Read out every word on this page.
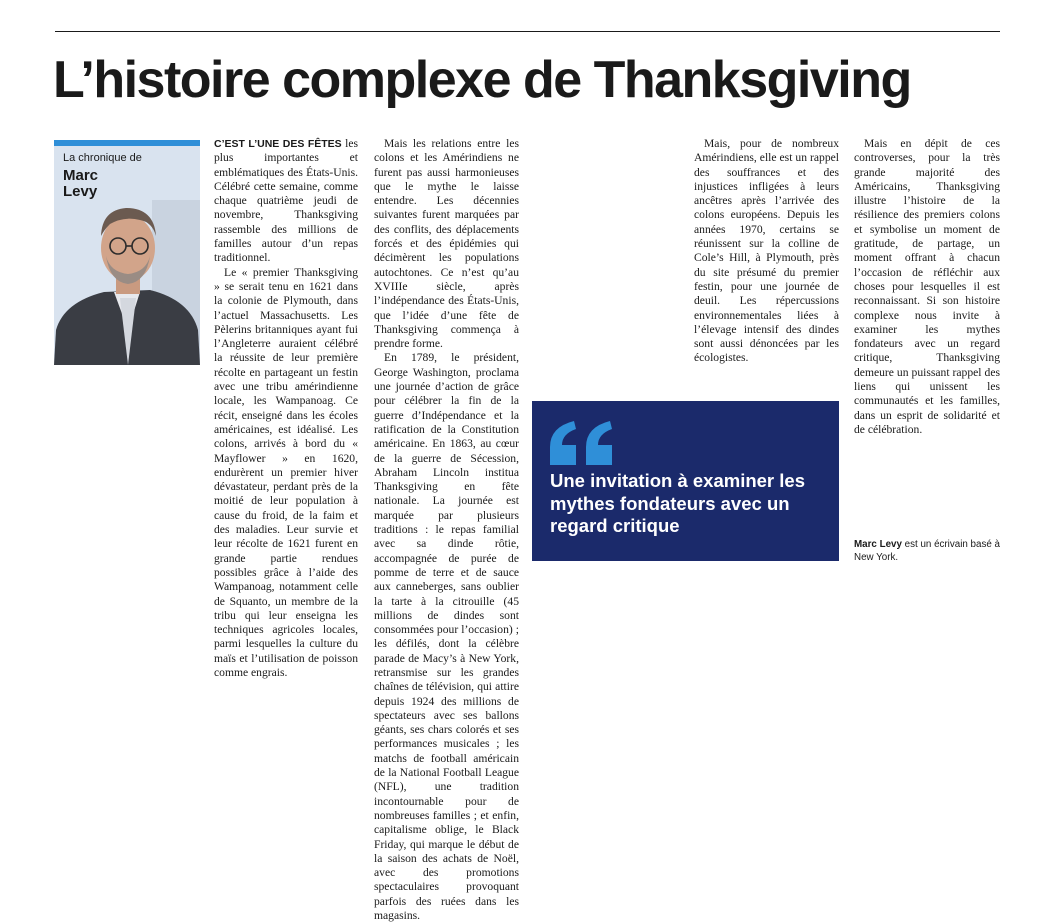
L’histoire complexe de Thanksgiving
La chronique de
Marc Levy

C’EST L’UNE DES FÊTES les plus importantes et emblématiques des États-Unis. Célébré cette semaine, comme chaque quatrième jeudi de novembre, Thanksgiving rassemble des millions de familles autour d’un repas traditionnel.

Le « premier Thanksgiving » se serait tenu en 1621 dans la colonie de Plymouth, dans l’actuel Massachusetts. Les Pèlerins britanniques ayant fui l’Angleterre auraient célébré la réussite de leur première récolte en partageant un festin avec une tribu amérindienne locale, les Wampanoag. Ce récit, enseigné dans les écoles américaines, est idéalisé. Les colons, arrivés à bord du « Mayflower » en 1620, endurèrent un premier hiver dévastateur, perdant près de la moitié de leur population à cause du froid, de la faim et des maladies. Leur survie et leur récolte de 1621 furent en grande partie rendues possibles grâce à l’aide des Wampanoag, notamment celle de Squanto, un membre de la tribu qui leur enseigna les techniques agricoles locales, parmi lesquelles la culture du maïs et l’utilisation de poisson comme engrais.

Mais les relations entre les colons et les Amérindiens ne furent pas aussi harmonieuses que le mythe le laisse entendre. Les décennies suivantes furent marquées par des conflits, des déplacements forcés et des épidémies qui décimèrent les populations autochtones. Ce n’est qu’au XVIIIe siècle, après l’indépendance des États-Unis, que l’idée d’une fête de Thanksgiving commença à prendre forme.

En 1789, le président, George Washington, proclama une journée d’action de grâce pour célébrer la fin de la guerre d’Indépendance et la ratification de la Constitution américaine. En 1863, au cœur de la guerre de Sécession, Abraham Lincoln institua Thanksgiving en fête nationale. La journée est marquée par plusieurs traditions : le repas familial avec sa dinde rôtie, accompagnée de purée de pomme de terre et de sauce aux canneberges, sans oublier la tarte à la citrouille (45 millions de dindes sont consommées pour l’occasion) ; les défilés, dont la célèbre parade de Macy’s à New York, retransmise sur les grandes chaînes de télévision, qui attire depuis 1924 des millions de spectateurs avec ses ballons géants, ses chars colorés et ses performances musicales ; les matchs de football américain de la National Football League (NFL), une tradition incontournable pour de nombreuses familles ; et enfin, capitalisme oblige, le Black Friday, qui marque le début de la saison des achats de Noël, avec des promotions spectaculaires provoquant parfois des ruées dans les magasins.

Mais, pour de nombreux Amérindiens, elle est un rappel des souffrances et des injustices infligées à leurs ancêtres après l’arrivée des colons européens. Depuis les années 1970, certains se réunissent sur la colline de Cole’s Hill, à Plymouth, près du site présumé du premier festin, pour une journée de deuil. Les répercussions environnementales liées à l’élevage intensif des dindes sont aussi dénoncées par les écologistes.

Mais en dépit de ces controverses, pour la très grande majorité des Américains, Thanksgiving illustre l’histoire de la résilience des premiers colons et symbolise un moment de gratitude, de partage, un moment offrant à chacun l’occasion de réfléchir aux choses pour lesquelles il est reconnaissant. Si son histoire complexe nous invite à examiner les mythes fondateurs avec un regard critique, Thanksgiving demeure un puissant rappel des liens qui unissent les communautés et les familles, dans un esprit de solidarité et de célébration.

Une invitation à examiner les mythes fondateurs avec un regard critique
Marc Levy est un écrivain basé à New York.
